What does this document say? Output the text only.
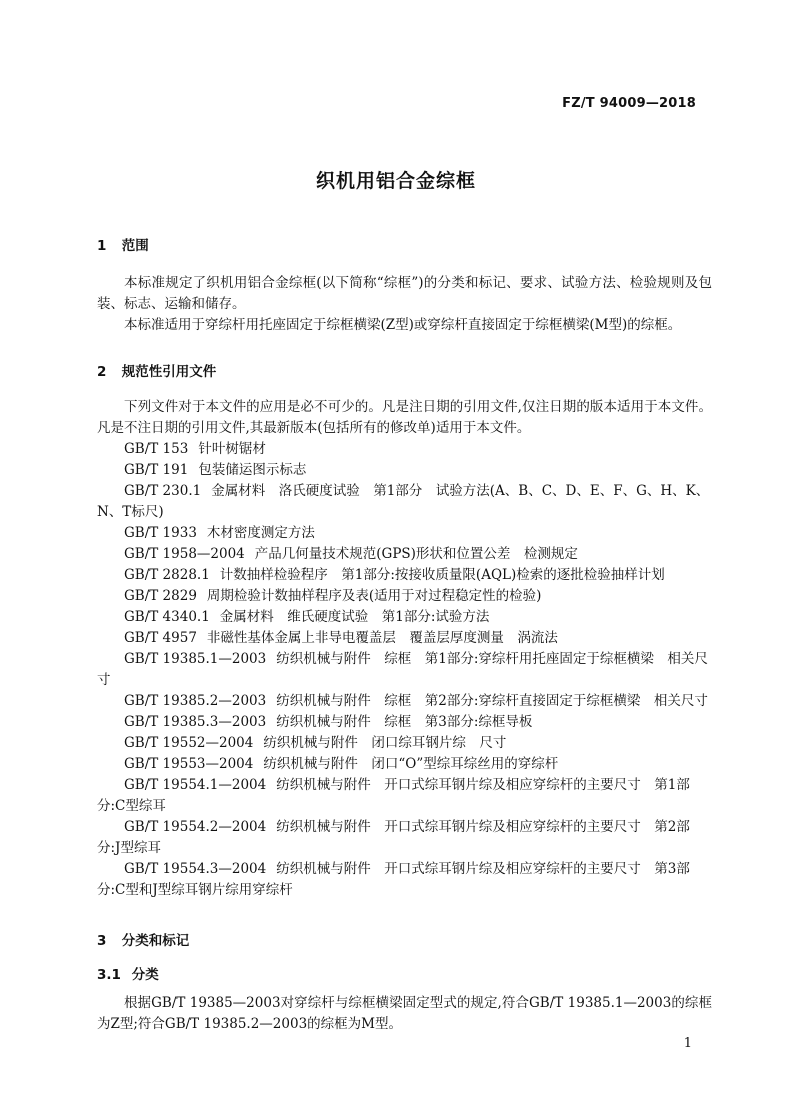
FZ/T 94009—2018
织机用铝合金综框
1 范围

本标准规定了织机用铝合金综框(以下简称“综框”)的分类和标记、要求、试验方法、检验规则及包装、标志、运输和储存。

本标准适用于穿综杆用托座固定于综框横梁(Z型)或穿综杆直接固定于综框横梁(M型)的综框。

2 规范性引用文件

下列文件对于本文件的应用是必不可少的。凡是注日期的引用文件,仅注日期的版本适用于本文件。凡是不注日期的引用文件,其最新版本(包括所有的修改单)适用于本文件。

GB/T 153 针叶树锯材
GB/T 191 包装储运图示标志
GB/T 230.1 金属材料　洛氏硬度试验　第1部分　试验方法(A、B、C、D、E、F、G、H、K、N、T标尺)
GB/T 1933 木材密度测定方法
GB/T 1958—2004 产品几何量技术规范(GPS)形状和位置公差　检测规定
GB/T 2828.1 计数抽样检验程序　第1部分:按接收质量限(AQL)检索的逐批检验抽样计划
GB/T 2829 周期检验计数抽样程序及表(适用于对过程稳定性的检验)
GB/T 4340.1 金属材料　维氏硬度试验　第1部分:试验方法
GB/T 4957 非磁性基体金属上非导电覆盖层　覆盖层厚度测量　涡流法
GB/T 19385.1—2003 纺织机械与附件　综框　第1部分:穿综杆用托座固定于综框横梁　相关尺寸
GB/T 19385.2—2003 纺织机械与附件　综框　第2部分:穿综杆直接固定于综框横梁　相关尺寸
GB/T 19385.3—2003 纺织机械与附件　综框　第3部分:综框导板
GB/T 19552—2004 纺织机械与附件　闭口综耳钢片综　尺寸
GB/T 19553—2004 纺织机械与附件　闭口“O”型综耳综丝用的穿综杆
GB/T 19554.1—2004 纺织机械与附件　开口式综耳钢片综及相应穿综杆的主要尺寸　第1部分:C型综耳
GB/T 19554.2—2004 纺织机械与附件　开口式综耳钢片综及相应穿综杆的主要尺寸　第2部分:J型综耳
GB/T 19554.3—2004 纺织机械与附件　开口式综耳钢片综及相应穿综杆的主要尺寸　第3部分:C型和J型综耳钢片综用穿综杆
3 分类和标记
3.1 分类

根据GB/T 19385—2003对穿综杆与综框横梁固定型式的规定,符合GB/T 19385.1—2003的综框为Z型;符合GB/T 19385.2—2003的综框为M型。

1
